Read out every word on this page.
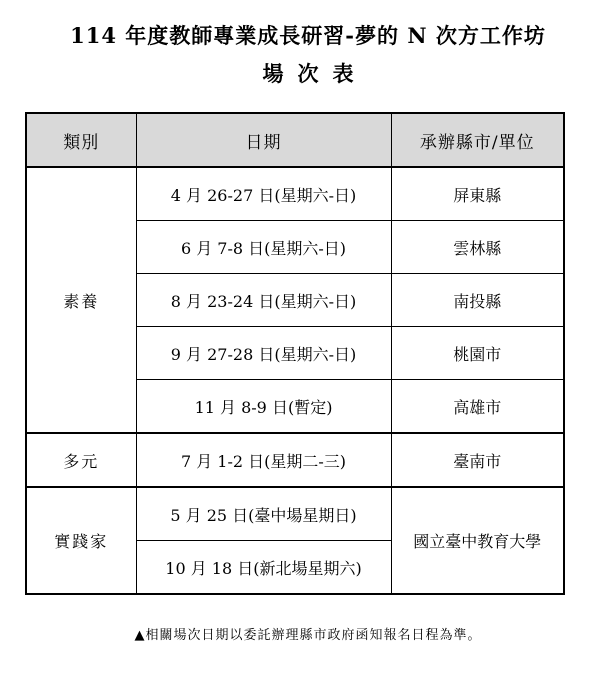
114 年度教師專業成長研習-夢的 N 次方工作坊
場次表
類別	日期	承辦縣市/單位
素養	4 月 26-27 日(星期六-日)	屏東縣
	6 月 7-8 日(星期六-日)	雲林縣
	8 月 23-24 日(星期六-日)	南投縣
	9 月 27-28 日(星期六-日)	桃園市
	11 月 8-9 日(暫定)	高雄市
多元	7 月 1-2 日(星期二-三)	臺南市
實踐家	5 月 25 日(臺中場星期日)	國立臺中教育大學
	10 月 18 日(新北場星期六)	
▲相關場次日期以委託辦理縣市政府函知報名日程為準。
